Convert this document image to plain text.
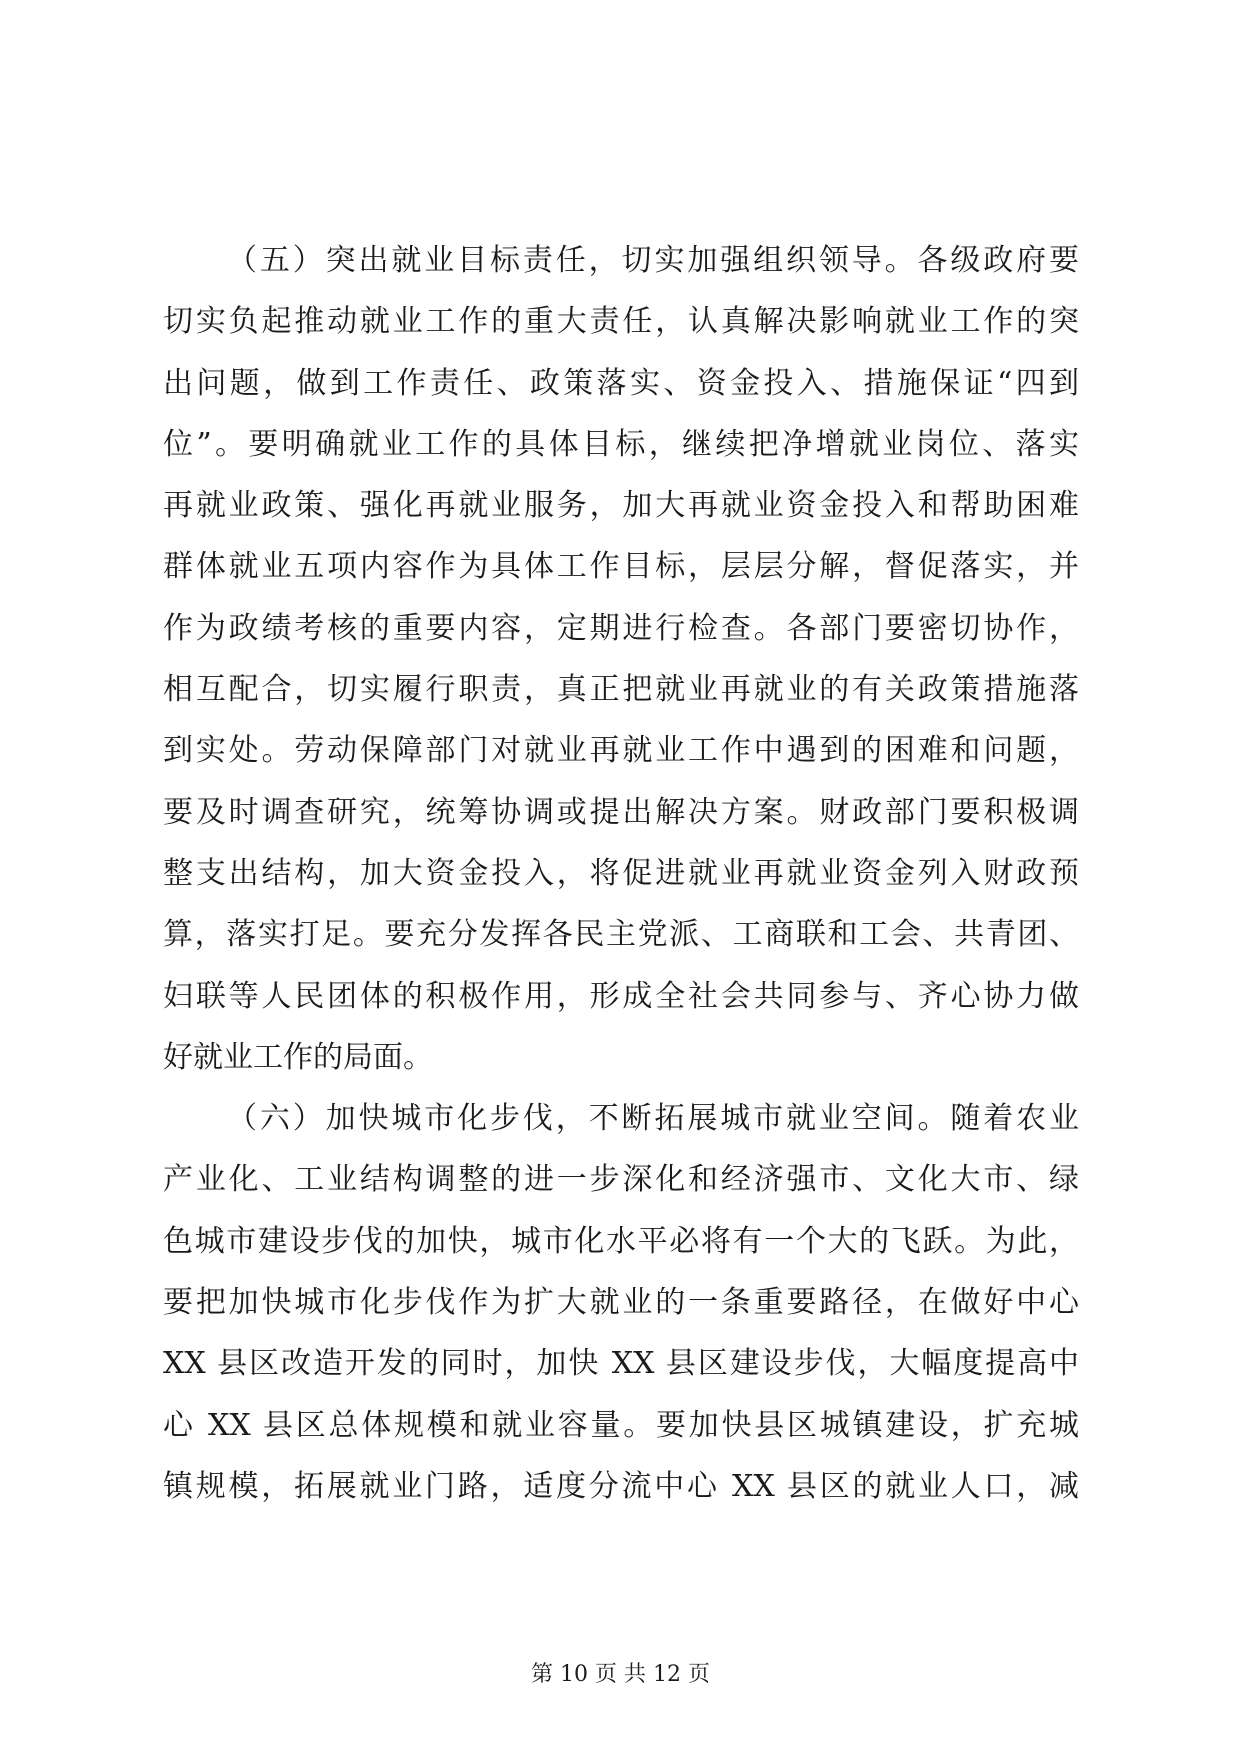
（五）突出就业目标责任，切实加强组织领导。各级政府要
切实负起推动就业工作的重大责任，认真解决影响就业工作的突
出问题，做到工作责任、政策落实、资金投入、措施保证“四到
位”。要明确就业工作的具体目标，继续把净增就业岗位、落实
再就业政策、强化再就业服务，加大再就业资金投入和帮助困难
群体就业五项内容作为具体工作目标，层层分解，督促落实，并
作为政绩考核的重要内容，定期进行检查。各部门要密切协作，
相互配合，切实履行职责，真正把就业再就业的有关政策措施落
到实处。劳动保障部门对就业再就业工作中遇到的困难和问题，
要及时调查研究，统筹协调或提出解决方案。财政部门要积极调
整支出结构，加大资金投入，将促进就业再就业资金列入财政预
算，落实打足。要充分发挥各民主党派、工商联和工会、共青团、
妇联等人民团体的积极作用，形成全社会共同参与、齐心协力做
好就业工作的局面。
（六）加快城市化步伐，不断拓展城市就业空间。随着农业
产业化、工业结构调整的进一步深化和经济强市、文化大市、绿
色城市建设步伐的加快，城市化水平必将有一个大的飞跃。为此，
要把加快城市化步伐作为扩大就业的一条重要路径，在做好中心
XX 县区改造开发的同时，加快 XX 县区建设步伐，大幅度提高中
心 XX 县区总体规模和就业容量。要加快县区城镇建设，扩充城
镇规模，拓展就业门路，适度分流中心 XX 县区的就业人口，减
第 10 页 共 12 页
